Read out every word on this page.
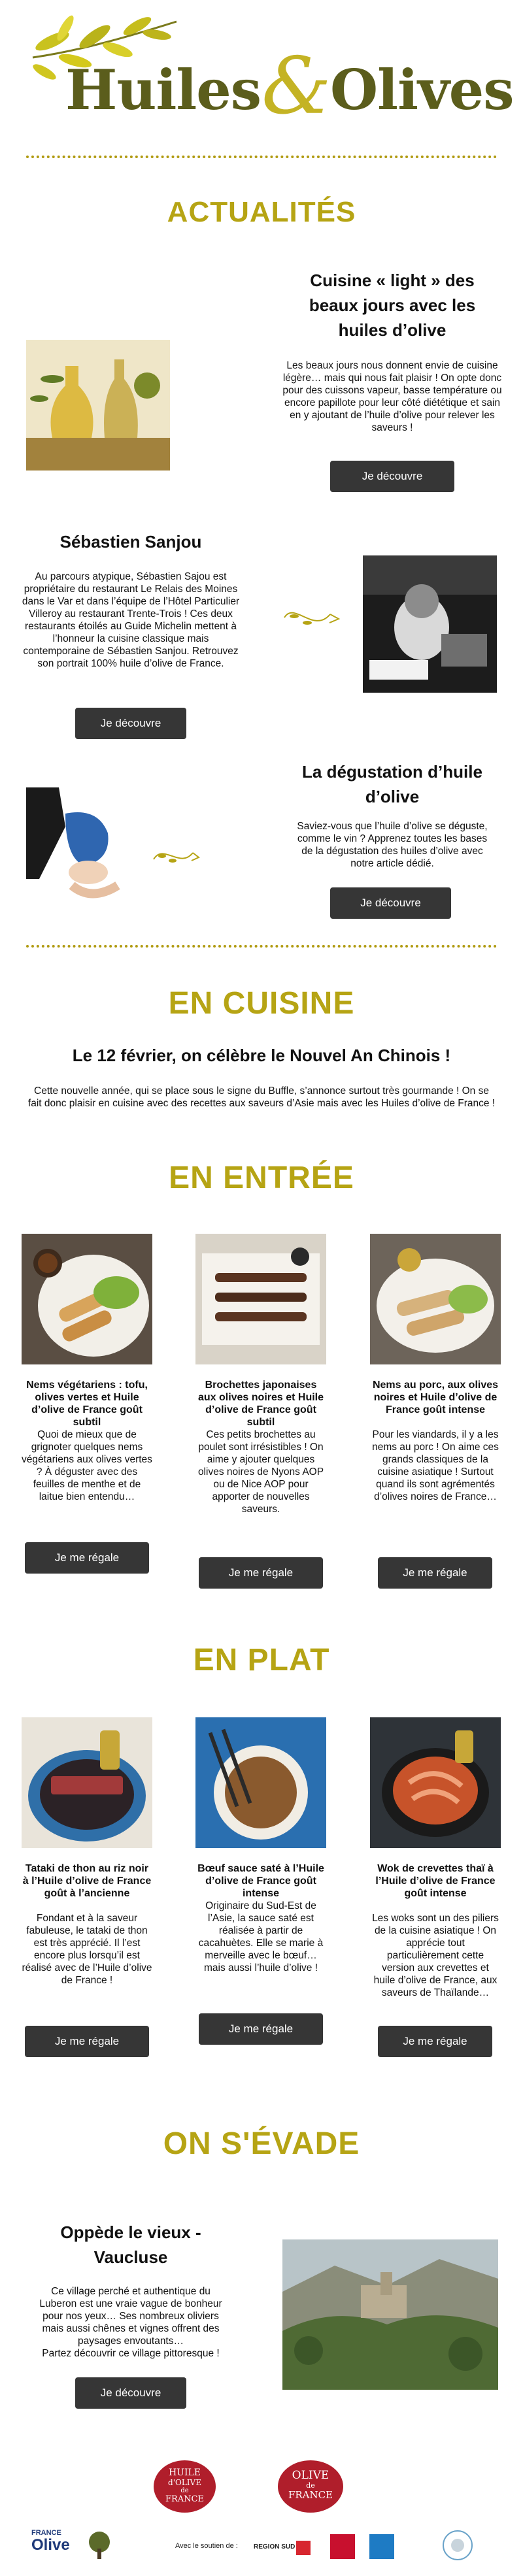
Huiles &
Olives
ACTUALITÉS
Cuisine « light » des beaux jours avec les huiles d’olive
Les beaux jours nous donnent envie de cuisine légère… mais qui nous fait plaisir ! On opte donc pour des cuissons vapeur, basse température ou encore papillote pour leur côté diététique et sain en y ajoutant de l’huile d’olive pour relever les saveurs !
Je découvre
Sébastien Sanjou
Au parcours atypique, Sébastien Sajou est propriétaire du restaurant Le Relais des Moines dans le Var et dans l’équipe de l’Hôtel Particulier Villeroy au restaurant Trente-Trois ! Ces deux restaurants étoilés au Guide Michelin mettent à l’honneur la cuisine classique mais contemporaine de Sébastien Sanjou. Retrouvez son portrait 100% huile d’olive de France.
Je découvre
La dégustation d’huile d’olive
Saviez-vous que l’huile d’olive se déguste, comme le vin ? Apprenez toutes les bases de la dégustation des huiles d’olive avec notre article dédié.
Je découvre
EN CUISINE
Le 12 février, on célèbre le Nouvel An Chinois !
Cette nouvelle année, qui se place sous le signe du Buffle, s’annonce surtout très gourmande ! On se fait donc plaisir en cuisine avec des recettes aux saveurs d’Asie mais avec les Huiles d’olive de France !
EN ENTRÉE
Nems végétariens : tofu, olives vertes et Huile d’olive de France goût subtil
Quoi de mieux que de grignoter quelques nems végétariens aux olives vertes ? À déguster avec des feuilles de menthe et de laitue bien entendu…
Je me régale
Brochettes japonaises aux olives noires et Huile d’olive de France goût subtil
Ces petits brochettes au poulet sont irrésistibles ! On aime y ajouter quelques olives noires de Nyons AOP ou de Nice AOP pour apporter de nouvelles saveurs.
Je me régale
Nems au porc, aux olives noires et Huile d’olive de France goût intense
Pour les viandards, il y a les nems au porc ! On aime ces grands classiques de la cuisine asiatique ! Surtout quand ils sont agrémentés d’olives noires de France…
Je me régale
EN PLAT
Tataki de thon au riz noir à l’Huile d’olive de France goût à l’ancienne
Fondant et à la saveur fabuleuse, le tataki de thon est très apprécié. Il l’est encore plus lorsqu’il est réalisé avec de l’Huile d’olive de France !
Je me régale
Bœuf sauce saté à l’Huile d’olive de France goût intense
Originaire du Sud-Est de l’Asie, la sauce saté est réalisée à partir de cacahuètes. Elle se marie à merveille avec le bœuf… mais aussi l’huile d’olive !
Je me régale
Wok de crevettes thaï à l’Huile d’olive de France goût intense
Les woks sont un des piliers de la cuisine asiatique ! On apprécie tout particulièrement cette version aux crevettes et huile d’olive de France, aux saveurs de Thaïlande…
Je me régale
ON S'ÉVADE
Oppède le vieux - Vaucluse
Ce village perché et authentique du Luberon est une vraie vague de bonheur pour nos yeux… Ses nombreux oliviers mais aussi chênes et vignes offrent des paysages envoutants…
Partez découvrir ce village pittoresque !
Je découvre
HUILE
d'OLIVE
de
FRANCE
OLIVE
de
FRANCE
FRANCE
Olive	Avec le soutien de : REGION SUD
